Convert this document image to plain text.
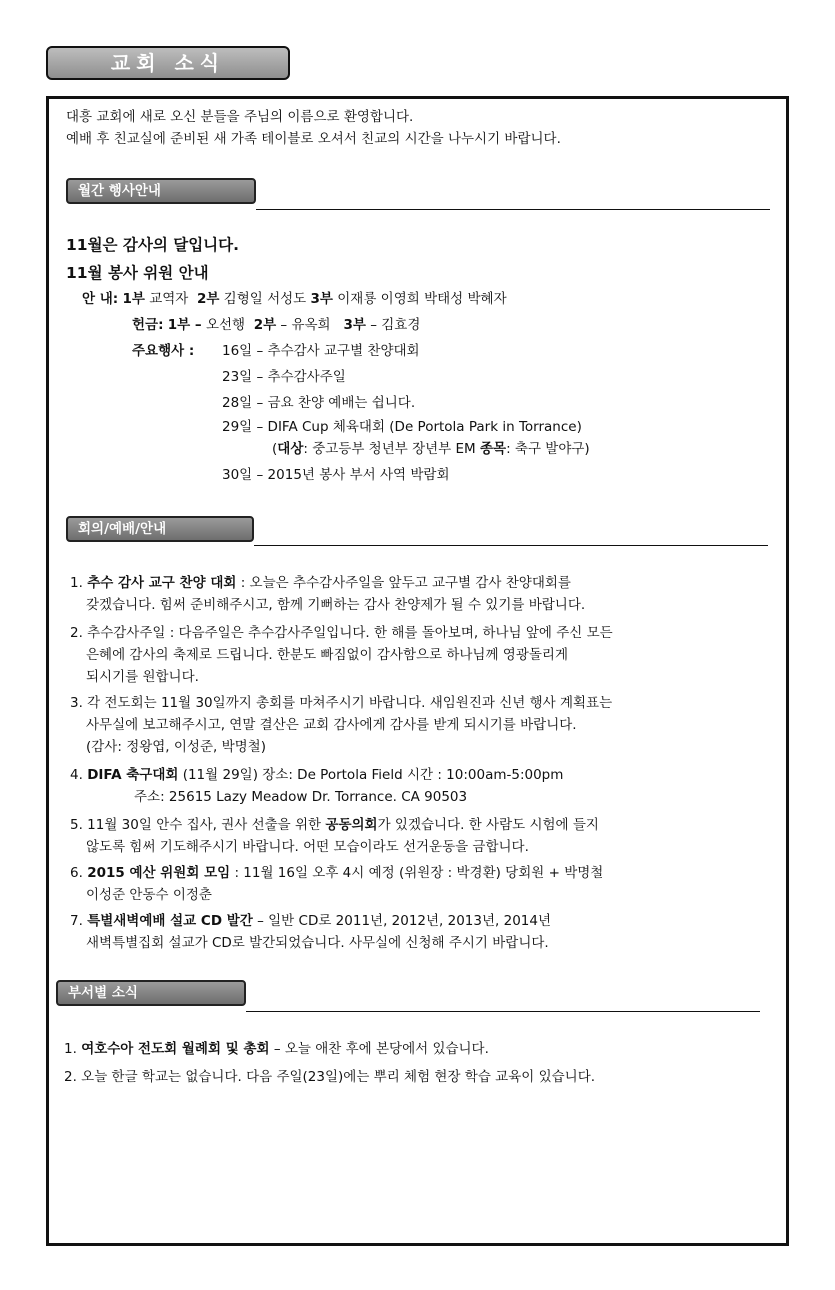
교회 소식
대흥 교회에 새로 오신 분들을 주님의 이름으로 환영합니다.
예배 후 친교실에 준비된 새 가족 테이블로 오셔서 친교의 시간을 나누시기 바랍니다.
월간 행사안내
11월은 감사의 달입니다.
11월 봉사 위원 안내
안 내: 1부 교역자 2부 김형일 서성도 3부 이재룡 이영희 박태성 박혜자
헌금: 1부 – 오선행 2부 – 유옥희 3부 – 김효경
주요행사 : 16일 – 추수감사 교구별 찬양대회
23일 – 추수감사주일
28일 – 금요 찬양 예배는 쉽니다.
29일 – DIFA Cup 체육대회 (De Portola Park in Torrance)
(대상: 중고등부 청년부 장년부 EM 종목: 축구 발야구)
30일 – 2015년 봉사 부서 사역 박람회
회의/예배/안내
1. 추수 감사 교구 찬양 대회 : 오늘은 추수감사주일을 앞두고 교구별 감사 찬양대회를
갖겠습니다. 힘써 준비해주시고, 함께 기뻐하는 감사 찬양제가 될 수 있기를 바랍니다.
2. 추수감사주일 : 다음주일은 추수감사주일입니다. 한 해를 돌아보며, 하나님 앞에 주신 모든
은혜에 감사의 축제로 드립니다. 한분도 빠짐없이 감사함으로 하나님께 영광돌리게
되시기를 원합니다.
3. 각 전도회는 11월 30일까지 총회를 마쳐주시기 바랍니다. 새임원진과 신년 행사 계획표는
사무실에 보고해주시고, 연말 결산은 교회 감사에게 감사를 받게 되시기를 바랍니다.
(감사: 정왕엽, 이성준, 박명철)
4. DIFA 축구대회 (11월 29일) 장소: De Portola Field 시간 : 10:00am-5:00pm
주소: 25615 Lazy Meadow Dr. Torrance. CA 90503
5. 11월 30일 안수 집사, 권사 선출을 위한 공동의회가 있겠습니다. 한 사람도 시험에 들지
않도록 힘써 기도해주시기 바랍니다. 어떤 모습이라도 선거운동을 금합니다.
6. 2015 예산 위원회 모임 : 11월 16일 오후 4시 예정 (위원장 : 박경환) 당회원 + 박명철
이성준 안동수 이정춘
7. 특별새벽예배 설교 CD 발간 – 일반 CD로 2011년, 2012년, 2013년, 2014년
새벽특별집회 설교가 CD로 발간되었습니다. 사무실에 신청해 주시기 바랍니다.
부서별 소식
1. 여호수아 전도회 월례회 및 총회 – 오늘 애찬 후에 본당에서 있습니다.
2. 오늘 한글 학교는 없습니다. 다음 주일(23일)에는 뿌리 체험 현장 학습 교육이 있습니다.
